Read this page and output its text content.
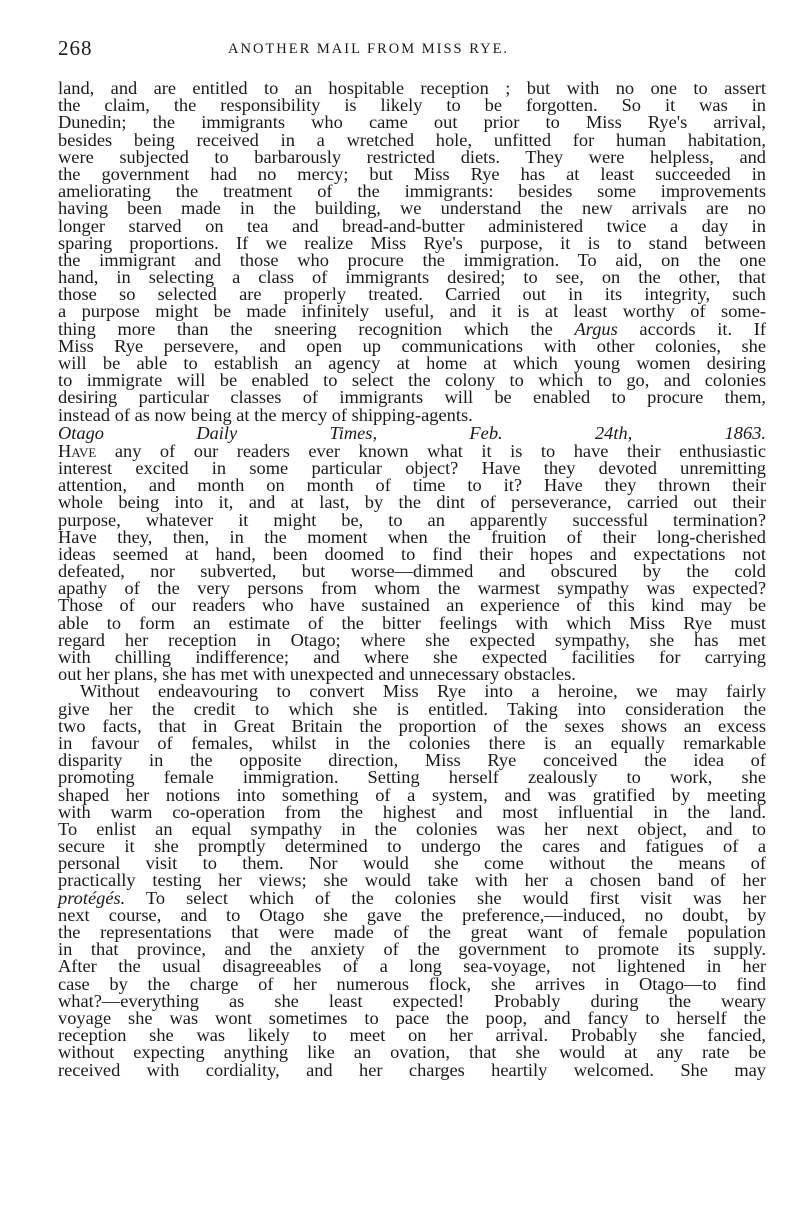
268	ANOTHER MAIL FROM MISS RYE.
land, and are entitled to an hospitable reception ; but with no one to assert
the claim, the responsibility is likely to be forgotten. So it was in
Dunedin; the immigrants who came out prior to Miss Rye's arrival,
besides being received in a wretched hole, unfitted for human habitation,
were subjected to barbarously restricted diets. They were helpless, and
the government had no mercy; but Miss Rye has at least succeeded in
ameliorating the treatment of the immigrants: besides some improvements
having been made in the building, we understand the new arrivals are no
longer starved on tea and bread-and-butter administered twice a day in
sparing proportions. If we realize Miss Rye's purpose, it is to stand between
the immigrant and those who procure the immigration. To aid, on the one
hand, in selecting a class of immigrants desired; to see, on the other, that
those so selected are properly treated. Carried out in its integrity, such
a purpose might be made infinitely useful, and it is at least worthy of some-
thing more than the sneering recognition which the Argus accords it. If
Miss Rye persevere, and open up communications with other colonies, she
will be able to establish an agency at home at which young women desiring
to immigrate will be enabled to select the colony to which to go, and colonies
desiring particular classes of immigrants will be enabled to procure them,
instead of as now being at the mercy of shipping-agents.
Otago Daily Times, Feb. 24th, 1863.
Have any of our readers ever known what it is to have their enthusiastic
interest excited in some particular object? Have they devoted unremitting
attention, and month on month of time to it? Have they thrown their
whole being into it, and at last, by the dint of perseverance, carried out their
purpose, whatever it might be, to an apparently successful termination?
Have they, then, in the moment when the fruition of their long-cherished
ideas seemed at hand, been doomed to find their hopes and expectations not
defeated, nor subverted, but worse—dimmed and obscured by the cold
apathy of the very persons from whom the warmest sympathy was expected?
Those of our readers who have sustained an experience of this kind may be
able to form an estimate of the bitter feelings with which Miss Rye must
regard her reception in Otago; where she expected sympathy, she has met
with chilling indifference; and where she expected facilities for carrying
out her plans, she has met with unexpected and unnecessary obstacles.
Without endeavouring to convert Miss Rye into a heroine, we may fairly
give her the credit to which she is entitled. Taking into consideration the
two facts, that in Great Britain the proportion of the sexes shows an excess
in favour of females, whilst in the colonies there is an equally remarkable
disparity in the opposite direction, Miss Rye conceived the idea of
promoting female immigration. Setting herself zealously to work, she
shaped her notions into something of a system, and was gratified by meeting
with warm co-operation from the highest and most influential in the land.
To enlist an equal sympathy in the colonies was her next object, and to
secure it she promptly determined to undergo the cares and fatigues of a
personal visit to them. Nor would she come without the means of
practically testing her views; she would take with her a chosen band of her
protégés. To select which of the colonies she would first visit was her
next course, and to Otago she gave the preference,—induced, no doubt, by
the representations that were made of the great want of female population
in that province, and the anxiety of the government to promote its supply.
After the usual disagreeables of a long sea-voyage, not lightened in her
case by the charge of her numerous flock, she arrives in Otago—to find
what?—everything as she least expected! Probably during the weary
voyage she was wont sometimes to pace the poop, and fancy to herself the
reception she was likely to meet on her arrival. Probably she fancied,
without expecting anything like an ovation, that she would at any rate be
received with cordiality, and her charges heartily welcomed. She may
